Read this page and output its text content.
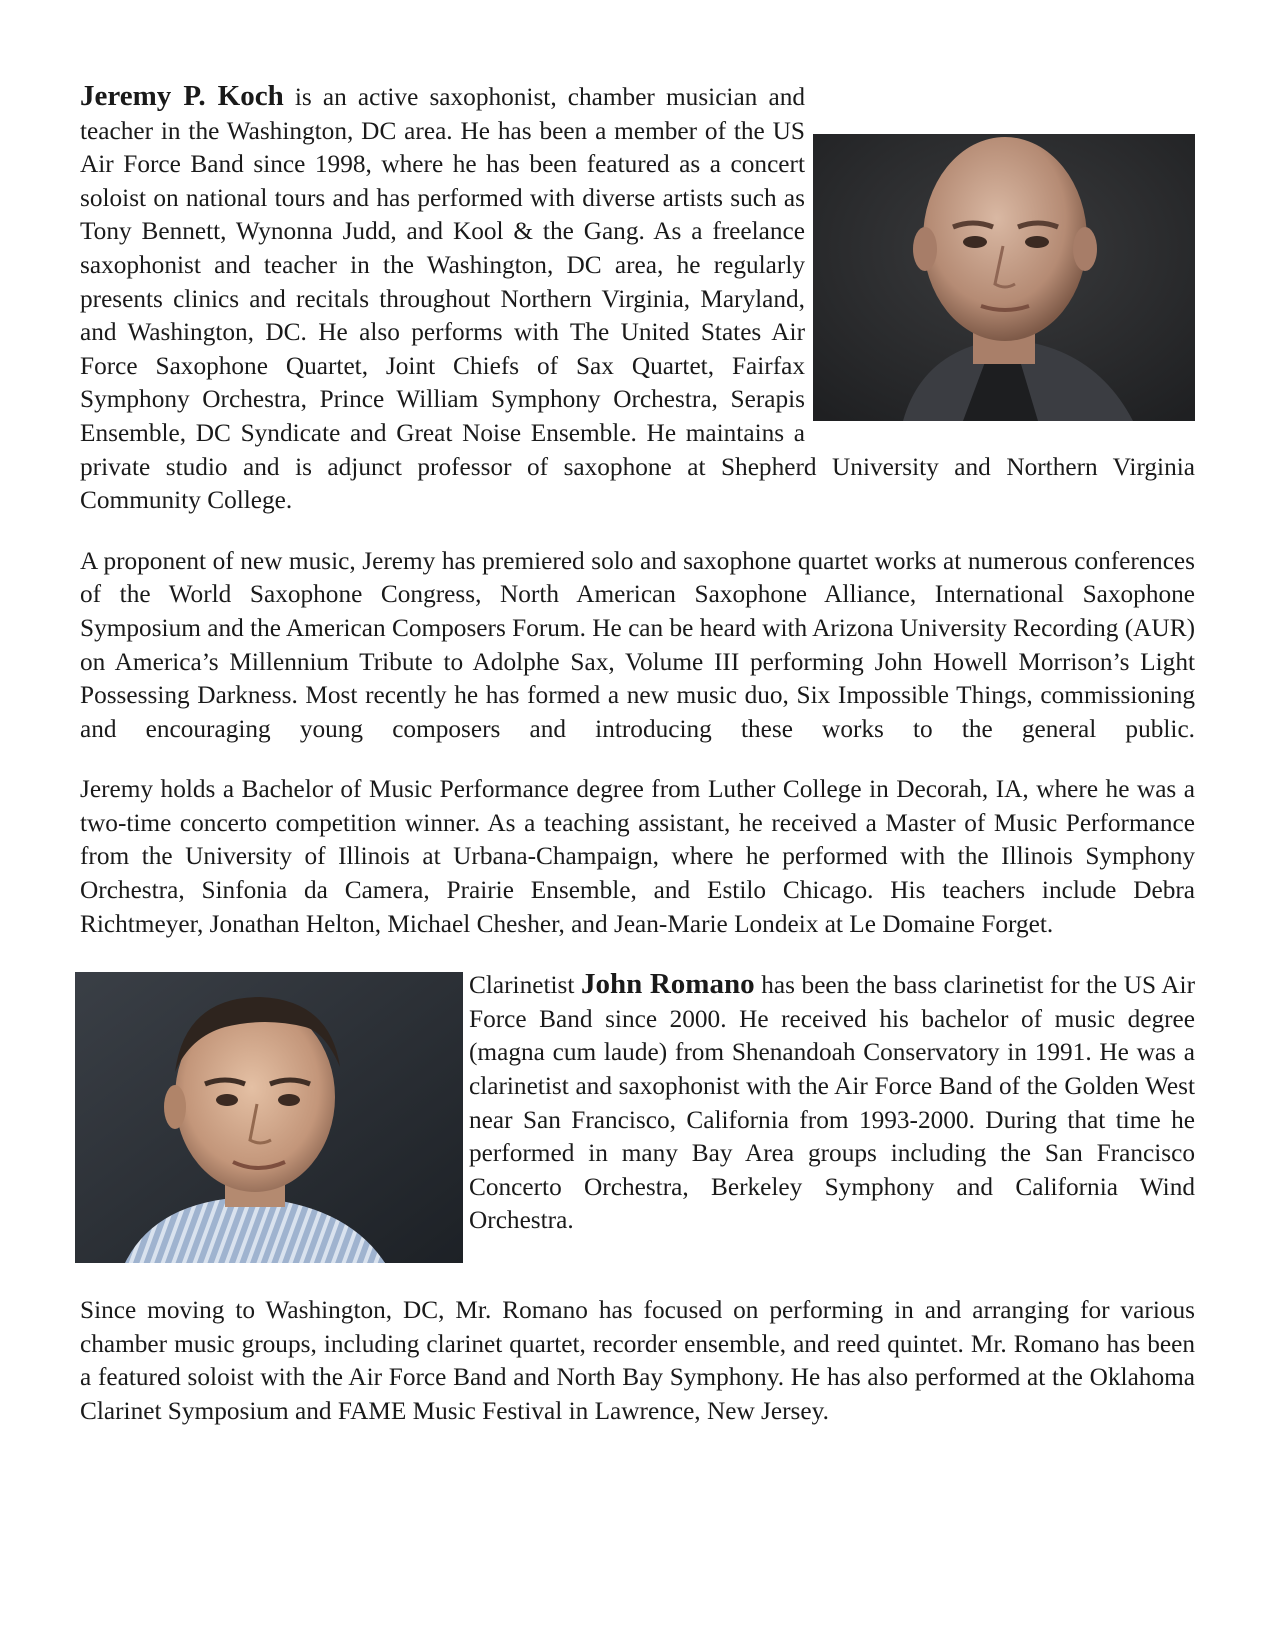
Jeremy P. Koch is an active saxophonist, chamber musician and teacher in the Washington, DC area. He has been a member of the US Air Force Band since 1998, where he has been featured as a concert soloist on national tours and has performed with diverse artists such as Tony Bennett, Wynonna Judd, and Kool & the Gang. As a freelance saxophonist and teacher in the Washington, DC area, he regularly presents clinics and recitals throughout Northern Virginia, Maryland, and Washington, DC. He also performs with The United States Air Force Saxophone Quartet, Joint Chiefs of Sax Quartet, Fairfax Symphony Orchestra, Prince William Symphony Orchestra, Serapis Ensemble, DC Syndicate and Great Noise Ensemble. He maintains a private studio and is adjunct professor of saxophone at Shepherd University and Northern Virginia Community College.

A proponent of new music, Jeremy has premiered solo and saxophone quartet works at numerous conferences of the World Saxophone Congress, North American Saxophone Alliance, International Saxophone Symposium and the American Composers Forum. He can be heard with Arizona University Recording (AUR) on America’s Millennium Tribute to Adolphe Sax, Volume III performing John Howell Morrison’s Light Possessing Darkness. Most recently he has formed a new music duo, Six Impossible Things, commissioning and encouraging young composers and introducing these works to the general public.

Jeremy holds a Bachelor of Music Performance degree from Luther College in Decorah, IA, where he was a two-time concerto competition winner. As a teaching assistant, he received a Master of Music Performance from the University of Illinois at Urbana-Champaign, where he performed with the Illinois Symphony Orchestra, Sinfonia da Camera, Prairie Ensemble, and Estilo Chicago. His teachers include Debra Richtmeyer, Jonathan Helton, Michael Chesher, and Jean-Marie Londeix at Le Domaine Forget.

Clarinetist John Romano has been the bass clarinetist for the US Air Force Band since 2000. He received his bachelor of music degree (magna cum laude) from Shenandoah Conservatory in 1991. He was a clarinetist and saxophonist with the Air Force Band of the Golden West near San Francisco, California from 1993-2000. During that time he performed in many Bay Area groups including the San Francisco Concerto Orchestra, Berkeley Symphony and California Wind Orchestra.

Since moving to Washington, DC, Mr. Romano has focused on performing in and arranging for various chamber music groups, including clarinet quartet, recorder ensemble, and reed quintet. Mr. Romano has been a featured soloist with the Air Force Band and North Bay Symphony. He has also performed at the Oklahoma Clarinet Symposium and FAME Music Festival in Lawrence, New Jersey.
